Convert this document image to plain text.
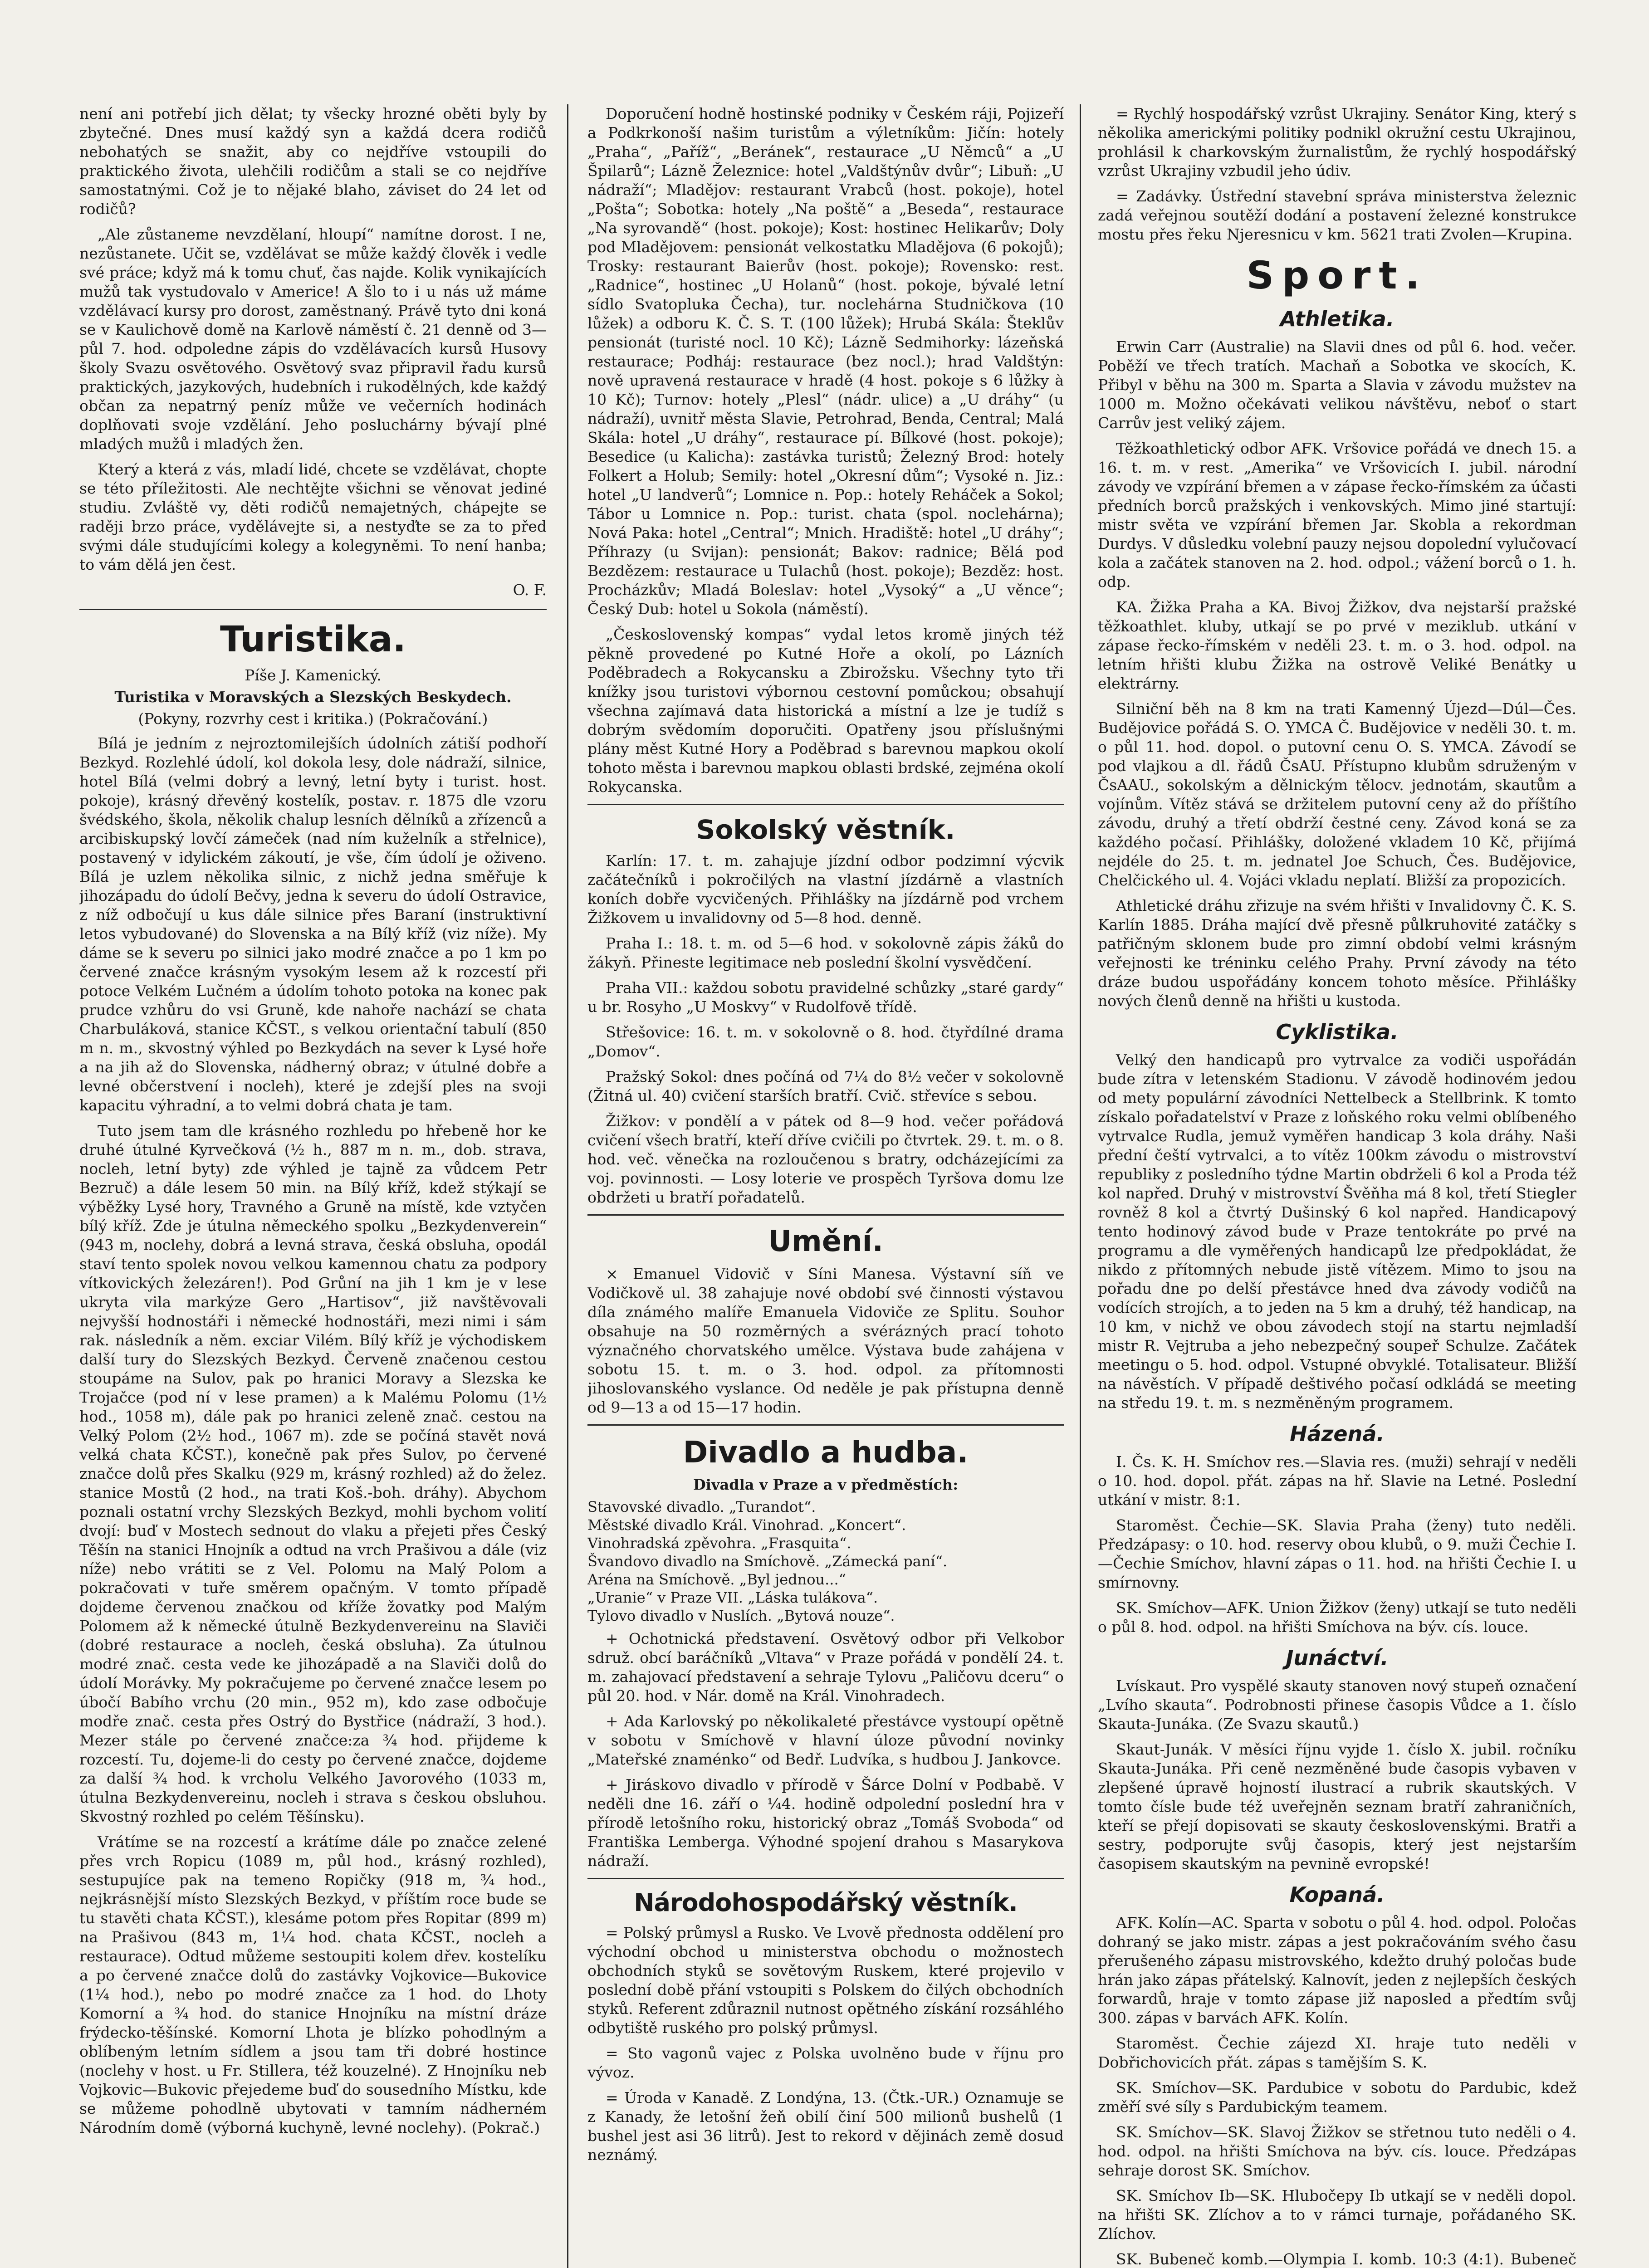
není ani potřebí jich dělat; ty všecky hrozné oběti byly by zbytečné. Dnes musí každý syn a každá dcera rodičů nebohatých se snažit, aby co nejdříve vstoupili do praktického života, ulehčili rodičům a stali se co nejdříve samostatnými. Což je to nějaké blaho, záviset do 24 let od rodičů?

„Ale zůstaneme nevzdělaní, hloupí“ namítne dorost. I ne, nezůstanete. Učit se, vzdělávat se může každý člověk i vedle své práce; když má k tomu chuť, čas najde. Kolik vynikajících mužů tak vystudovalo v Americe! A šlo to i u nás už máme vzdělávací kursy pro dorost, zaměstnaný. Právě tyto dni koná se v Kaulichově domě na Karlově náměstí č. 21 denně od 3—půl 7. hod. odpoledne zápis do vzdělávacích kursů Husovy školy Svazu osvětového. Osvětový svaz připravil řadu kursů praktických, jazykových, hudebních i rukodělných, kde každý občan za nepatrný peníz může ve večerních hodinách doplňovati svoje vzdělání. Jeho posluchárny bývají plné mladých mužů i mladých žen.

Který a která z vás, mladí lidé, chcete se vzdělávat, chopte se této příležitosti. Ale nechtějte všichni se věnovat jediné studiu. Zvláště vy, děti rodičů nemajetných, chápejte se raději brzo práce, vydělávejte si, a nestyďte se za to před svými dále studujícími kolegy a kolegyněmi. To není hanba; to vám dělá jen čest.

O. F.
Turistika.
Píše J. Kamenický.
Turistika v Moravských a Slezských Beskydech.
(Pokyny, rozvrhy cest i kritika.) (Pokračování.)

Bílá je jedním z nejroztomilejších údolních zátiší podhoří Bezkyd. Rozlehlé údolí, kol dokola lesy, dole nádraží, silnice, hotel Bílá (velmi dobrý a levný, letní byty i turist. host. pokoje), krásný dřevěný kostelík, postav. r. 1875 dle vzoru švédského, škola, několik chalup lesních dělníků a zřízenců a arcibiskupský lovčí zámeček (nad ním kuželník a střelnice), postavený v idylickém zákoutí, je vše, čím údolí je oživeno. Bílá je uzlem několika silnic, z nichž jedna směřuje k jihozápadu do údolí Bečvy, jedna k severu do údolí Ostravice, z níž odbočují u kus dále silnice přes Baraní (instruktivní letos vybudované) do Slovenska a na Bílý kříž (viz níže). My dáme se k severu po silnici jako modré značce a po 1 km po červené značce krásným vysokým lesem až k rozcestí při potoce Velkém Lučném a údolím tohoto potoka na konec pak prudce vzhůru do vsi Gruně, kde nahoře nachází se chata Charbuláková, stanice KČST., s velkou orientační tabulí (850 m n. m., skvostný výhled po Bezkydách na sever k Lysé hoře a na jih až do Slovenska, nádherný obraz; v útulné dobře a levné občerstvení i nocleh), které je zdejší ples na svoji kapacitu výhradní, a to velmi dobrá chata je tam.

Tuto jsem tam dle krásného rozhledu po hřebeně hor ke druhé útulné Kyrvečková (½ h., 887 m n. m., dob. strava, nocleh, letní byty) zde výhled je tajně za vůdcem Petr Bezruč) a dále lesem 50 min. na Bílý kříž, kdež stýkají se výběžky Lysé hory, Travného a Gruně na místě, kde vztyčen bílý kříž. Zde je útulna německého spolku „Bezkydenverein“ (943 m, noclehy, dobrá a levná strava, česká obsluha, opodál staví tento spolek novou velkou kamennou chatu za podpory vítkovických železáren!). Pod Grůní na jih 1 km je v lese ukryta vila markýze Gero „Hartisov“, již navštěvovali nejvyšší hodnostáři i německé hodnostáři, mezi nimi i sám rak. následník a něm. exciar Vilém. Bílý kříž je východiskem další tury do Slezských Bezkyd. Červeně značenou cestou stoupáme na Sulov, pak po hranici Moravy a Slezska ke Trojačce (pod ní v lese pramen) a k Malému Polomu (1½ hod., 1058 m), dále pak po hranici zeleně znač. cestou na Velký Polom (2½ hod., 1067 m). zde se počíná stavět nová velká chata KČST.), konečně pak přes Sulov, po červené značce dolů přes Skalku (929 m, krásný rozhled) až do želez. stanice Mostů (2 hod., na trati Koš.-boh. dráhy). Abychom poznali ostatní vrchy Slezských Bezkyd, mohli bychom volití dvojí: buď v Mostech sednout do vlaku a přejeti přes Český Těšín na stanici Hnojník a odtud na vrch Prašivou a dále (viz níže) nebo vrátiti se z Vel. Polomu na Malý Polom a pokračovati v tuře směrem opačným. V tomto případě dojdeme červenou značkou od kříže žovatky pod Malým Polomem až k německé útulně Bezkydenvereinu na Slaviči (dobré restaurace a nocleh, česká obsluha). Za útulnou modré znač. cesta vede ke jihozápadě a na Slaviči dolů do údolí Morávky. My pokračujeme po červené značce lesem po úbočí Babího vrchu (20 min., 952 m), kdo zase odbočuje modře znač. cesta přes Ostrý do Bystřice (nádraží, 3 hod.). Mezer stále po červené značce:za ¾ hod. přijdeme k rozcestí. Tu, dojeme-li do cesty po červené značce, dojdeme za další ¾ hod. k vrcholu Velkého Javorového (1033 m, útulna Bezkydenvereinu, nocleh i strava s českou obsluhou. Skvostný rozhled po celém Těšínsku).

Vrátíme se na rozcestí a krátíme dále po značce zelené přes vrch Ropicu (1089 m, půl hod., krásný rozhled), sestupujíce pak na temeno Ropičky (918 m, ¾ hod., nejkrásnější místo Slezských Bezkyd, v příštím roce bude se tu stavěti chata KČST.), klesáme potom přes Ropitar (899 m) na Prašivou (843 m, 1¼ hod. chata KČST., nocleh a restaurace). Odtud můžeme sestoupiti kolem dřev. kostelíku a po červené značce dolů do zastávky Vojkovice—Bukovice (1¼ hod.), nebo po modré značce za 1 hod. do Lhoty Komorní a ¾ hod. do stanice Hnojníku na místní dráze frýdecko-těšínské. Komorní Lhota je blízko pohodlným a oblíbeným letním sídlem a jsou tam tři dobré hostince (noclehy v host. u Fr. Stillera, též kouzelné). Z Hnojníku neb Vojkovic—Bukovic přejedeme buď do sousedního Místku, kde se můžeme pohodlně ubytovati v tamním nádherném Národním domě (výborná kuchyně, levné noclehy). (Pokrač.)

Doporučení hodně hostinské podniky v Českém ráji, Pojizeří a Podkrkonoší našim turistům a výletníkům: Jičín: hotely „Praha“, „Paříž“, „Beránek“, restaurace „U Němců“ a „U Špilarů“; Lázně Železnice: hotel „Valdštýnův dvůr“; Libuň: „U nádraží“; Mladějov: restaurant Vrabců (host. pokoje), hotel „Pošta“; Sobotka: hotely „Na poště“ a „Beseda“, restaurace „Na syrovandě“ (host. pokoje); Kost: hostinec Helikarův; Doly pod Mladějovem: pensionát velkostatku Mladějova (6 pokojů); Trosky: restaurant Baierův (host. pokoje); Rovensko: rest. „Radnice“, hostinec „U Holanů“ (host. pokoje, bývalé letní sídlo Svatopluka Čecha), tur. noclehárna Studničkova (10 lůžek) a odboru K. Č. S. T. (100 lůžek); Hrubá Skála: Šteklův pensionát (turisté nocl. 10 Kč); Lázně Sedmihorky: lázeňská restaurace; Podháj: restaurace (bez nocl.); hrad Valdštýn: nově upravená restaurace v hradě (4 host. pokoje s 6 lůžky à 10 Kč); Turnov: hotely „Plesl“ (nádr. ulice) a „U dráhy“ (u nádraží), uvnitř města Slavie, Petrohrad, Benda, Central; Malá Skála: hotel „U dráhy“, restaurace pí. Bílkové (host. pokoje); Besedice (u Kalicha): zastávka turistů; Železný Brod: hotely Folkert a Holub; Semily: hotel „Okresní dům“; Vysoké n. Jiz.: hotel „U landverů“; Lomnice n. Pop.: hotely Reháček a Sokol; Tábor u Lomnice n. Pop.: turist. chata (spol. noclehárna); Nová Paka: hotel „Central“; Mnich. Hradiště: hotel „U dráhy“; Příhrazy (u Svijan): pensionát; Bakov: radnice; Bělá pod Bezdězem: restaurace u Tulachů (host. pokoje); Bezděz: host. Procházkův; Mladá Boleslav: hotel „Vysoký“ a „U věnce“; Český Dub: hotel u Sokola (náměstí).

„Československý kompas“ vydal letos kromě jiných též pěkně provedené po Kutné Hoře a okolí, po Lázních Poděbradech a Rokycansku a Zbirožsku. Všechny tyto tři knížky jsou turistovi výbornou cestovní pomůckou; obsahují všechna zajímavá data historická a místní a lze je tudíž s dobrým svědomím doporučiti. Opatřeny jsou příslušnými plány měst Kutné Hory a Poděbrad s barevnou mapkou okolí tohoto města i barevnou mapkou oblasti brdské, zejména okolí Rokycanska.

Sokolský věstník.

Karlín: 17. t. m. zahajuje jízdní odbor podzimní výcvik začátečníků i pokročilých na vlastní jízdárně a vlastních koních dobře vycvičených. Přihlášky na jízdárně pod vrchem Žižkovem u invalidovny od 5—8 hod. denně.

Praha I.: 18. t. m. od 5—6 hod. v sokolovně zápis žáků do žákyň. Přineste legitimace neb poslední školní vysvědčení.

Praha VII.: každou sobotu pravidelné schůzky „staré gardy“ u br. Rosyho „U Moskvy“ v Rudolfově třídě.

Střešovice: 16. t. m. v sokolovně o 8. hod. čtyřdílné drama „Domov“.

Pražský Sokol: dnes počíná od 7¼ do 8½ večer v sokolovně (Žitná ul. 40) cvičení starších bratří. Cvič. střevíce s sebou.

Žižkov: v pondělí a v pátek od 8—9 hod. večer pořádová cvičení všech bratří, kteří dříve cvičili po čtvrtek. 29. t. m. o 8. hod. več. věnečka na rozloučenou s bratry, odcházejícími za voj. povinnosti. — Losy loterie ve prospěch Tyršova domu lze obdržeti u bratří pořadatelů.

Umění.

× Emanuel Vidovič v Síni Manesa. Výstavní síň ve Vodičkově ul. 38 zahajuje nové období své činnosti výstavou díla známého malíře Emanuela Vidoviče ze Splitu. Souhor obsahuje na 50 rozměrných a svérázných prací tohoto význačného chorvatského umělce. Výstava bude zahájena v sobotu 15. t. m. o 3. hod. odpol. za přítomnosti jihoslovanského vyslance. Od neděle je pak přístupna denně od 9—13 a od 15—17 hodin.

Divadlo a hudba.
Divadla v Praze a v předměstích:
Stavovské divadlo. „Turandot“.
Městské divadlo Král. Vinohrad. „Koncert“.
Vinohradská zpěvohra. „Frasquita“.
Švandovo divadlo na Smíchově. „Zámecká paní“.
Aréna na Smíchově. „Byl jednou...“
„Uranie“ v Praze VII. „Láska tulákova“.
Tylovo divadlo v Nuslích. „Bytová nouze“.

+ Ochotnická představení. Osvětový odbor při Velkobor sdruž. obcí baráčníků „Vltava“ v Praze pořádá v pondělí 24. t. m. zahajovací představení a sehraje Tylovu „Paličovu dceru“ o půl 20. hod. v Nár. domě na Král. Vinohradech.

+ Ada Karlovský po několikaleté přestávce vystoupí opětně v sobotu v Smíchově v hlavní úloze původní novinky „Mateřské znaménko“ od Bedř. Ludvíka, s hudbou J. Jankovce.

+ Jiráskovo divadlo v přírodě v Šárce Dolní v Podbabě. V neděli dne 16. září o ¼4. hodině odpolední poslední hra v přírodě letošního roku, historický obraz „Tomáš Svoboda“ od Františka Lemberga. Výhodné spojení drahou s Masarykova nádraží.

Národohospodářský věstník.

= Polský průmysl a Rusko. Ve Lvově přednosta oddělení pro východní obchod u ministerstva obchodu o možnostech obchodních styků se sovětovým Ruskem, které projevilo v poslední době přání vstoupiti s Polskem do čilých obchodních styků. Referent zdůraznil nutnost opětného získání rozsáhlého odbytiště ruského pro polský průmysl.

= Sto vagonů vajec z Polska uvolněno bude v říjnu pro vývoz.

= Úroda v Kanadě. Z Londýna, 13. (Čtk.-UR.) Oznamuje se z Kanady, že letošní žeň obilí činí 500 milionů bushelů (1 bushel jest asi 36 litrů). Jest to rekord v dějinách země dosud neznámý.

= Rychlý hospodářský vzrůst Ukrajiny. Senátor King, který s několika americkými politiky podnikl okružní cestu Ukrajinou, prohlásil k charkovským žurnalistům, že rychlý hospodářský vzrůst Ukrajiny vzbudil jeho údiv.

= Zadávky. Ústřední stavební správa ministerstva železnic zadá veřejnou soutěží dodání a postavení železné konstrukce mostu přes řeku Njeresnicu v km. 5621 trati Zvolen—Krupina.

Sport.
Athletika.

Erwin Carr (Australie) na Slavii dnes od půl 6. hod. večer. Poběží ve třech tratích. Machaň a Sobotka ve skocích, K. Přibyl v běhu na 300 m. Sparta a Slavia v závodu mužstev na 1000 m. Možno očekávati velikou návštěvu, neboť o start Carrův jest veliký zájem.

Těžkoathletický odbor AFK. Vršovice pořádá ve dnech 15. a 16. t. m. v rest. „Amerika“ ve Vršovicích I. jubil. národní závody ve vzpírání břemen a v zápase řecko-římském za účasti předních borců pražských i venkovských. Mimo jiné startují: mistr světa ve vzpírání břemen Jar. Skobla a rekordman Durdys. V důsledku volební pauzy nejsou dopolední vylučovací kola a začátek stanoven na 2. hod. odpol.; vážení borců o 1. h. odp.

KA. Žižka Praha a KA. Bivoj Žižkov, dva nejstarší pražské těžkoathlet. kluby, utkají se po prvé v meziklub. utkání v zápase řecko-římském v neděli 23. t. m. o 3. hod. odpol. na letním hřišti klubu Žižka na ostrově Veliké Benátky u elektrárny.

Silniční běh na 8 km na trati Kamenný Újezd—Dúl—Čes. Budějovice pořádá S. O. YMCA Č. Budějovice v neděli 30. t. m. o půl 11. hod. dopol. o putovní cenu O. S. YMCA. Závodí se pod vlajkou a dl. řádů ČsAU. Přístupno klubům sdruženým v ČsAAU., sokolským a dělnickým tělocv. jednotám, skautům a vojínům. Vítěz stává se držitelem putovní ceny až do příštího závodu, druhý a třetí obdrží čestné ceny. Závod koná se za každého počasí. Přihlášky, doložené vkladem 10 Kč, přijímá nejdéle do 25. t. m. jednatel Joe Schuch, Čes. Budějovice, Chelčického ul. 4. Vojáci vkladu neplatí. Bližší za propozicích.

Athletické dráhu zřizuje na svém hřišti v Invalidovny Č. K. S. Karlín 1885. Dráha mající dvě přesně půlkruhovité zatáčky s patřičným sklonem bude pro zimní období velmi krásným veřejnosti ke tréninku celého Prahy. První závody na této dráze budou uspořádány koncem tohoto měsíce. Přihlášky nových členů denně na hřišti u kustoda.

Cyklistika.

Velký den handicapů pro vytrvalce za vodiči uspořádán bude zítra v letenském Stadionu. V závodě hodinovém jedou od mety populární závodníci Nettelbeck a Stellbrink. K tomto získalo pořadatelství v Praze z loňského roku velmi oblíbeného vytrvalce Rudla, jemuž vyměřen handicap 3 kola dráhy. Naši přední čeští vytrvalci, a to vítěz 100km závodu o mistrovství republiky z posledního týdne Martin obdrželi 6 kol a Proda též kol napřed. Druhý v mistrovství Švěňha má 8 kol, třetí Stiegler rovněž 8 kol a čtvrtý Dušinský 6 kol napřed. Handicapový tento hodinový závod bude v Praze tentokráte po prvé na programu a dle vyměřených handicapů lze předpokládat, že nikdo z přítomných nebude jistě vítězem. Mimo to jsou na pořadu dne po delší přestávce hned dva závody vodičů na vodících strojích, a to jeden na 5 km a druhý, též handicap, na 10 km, v nichž ve obou závodech stojí na startu nejmladší mistr R. Vejtruba a jeho nebezpečný soupeř Schulze. Začátek meetingu o 5. hod. odpol. Vstupné obvyklé. Totalisateur. Bližší na návěstích. V případě deštivého počasí odkládá se meeting na středu 19. t. m. s nezměněným programem.

Házená.

I. Čs. K. H. Smíchov res.—Slavia res. (muži) sehrají v neděli o 10. hod. dopol. přát. zápas na hř. Slavie na Letné. Poslední utkání v mistr. 8:1.

Staroměst. Čechie—SK. Slavia Praha (ženy) tuto neděli. Předzápasy: o 10. hod. reservy obou klubů, o 9. muži Čechie I.—Čechie Smíchov, hlavní zápas o 11. hod. na hřišti Čechie I. u smírnovny.

SK. Smíchov—AFK. Union Žižkov (ženy) utkají se tuto neděli o půl 8. hod. odpol. na hřišti Smíchova na býv. cís. louce.

Junáctví.

Lvískaut. Pro vyspělé skauty stanoven nový stupeň označení „Lvího skauta“. Podrobnosti přinese časopis Vůdce a 1. číslo Skauta-Junáka. (Ze Svazu skautů.)

Skaut-Junák. V měsíci říjnu vyjde 1. číslo X. jubil. ročníku Skauta-Junáka. Při ceně nezměněné bude časopis vybaven v zlepšené úpravě hojností ilustrací a rubrik skautských. V tomto čísle bude též uveřejněn seznam bratří zahraničních, kteří se přejí dopisovati se skauty československými. Bratři a sestry, podporujte svůj časopis, který jest nejstarším časopisem skautským na pevnině evropské!

Kopaná.

AFK. Kolín—AC. Sparta v sobotu o půl 4. hod. odpol. Poločas dohraný se jako mistr. zápas a jest pokračováním svého času přerušeného zápasu mistrovského, kdežto druhý poločas bude hrán jako zápas přátelský. Kalnovít, jeden z nejlepších českých forwardů, hraje v tomto zápase již naposled a předtím svůj 300. zápas v barvách AFK. Kolín.

Staroměst. Čechie zájezd XI. hraje tuto neděli v Dobřichovicích přát. zápas s tamějším S. K.

SK. Smíchov—SK. Pardubice v sobotu do Pardubic, kdež změří své síly s Pardubickým teamem.

SK. Smíchov—SK. Slavoj Žižkov se střetnou tuto neděli o 4. hod. odpol. na hřišti Smíchova na býv. cís. louce. Předzápas sehraje dorost SK. Smíchov.

SK. Smíchov Ib—SK. Hlubočepy Ib utkají se v neděli dopol. na hřišti SK. Zlíchov a to v rámci turnaje, pořádaného SK. Zlíchov.

SK. Bubeneč komb.—Olympia I. komb. 10:3 (4:1). Bubeneč
